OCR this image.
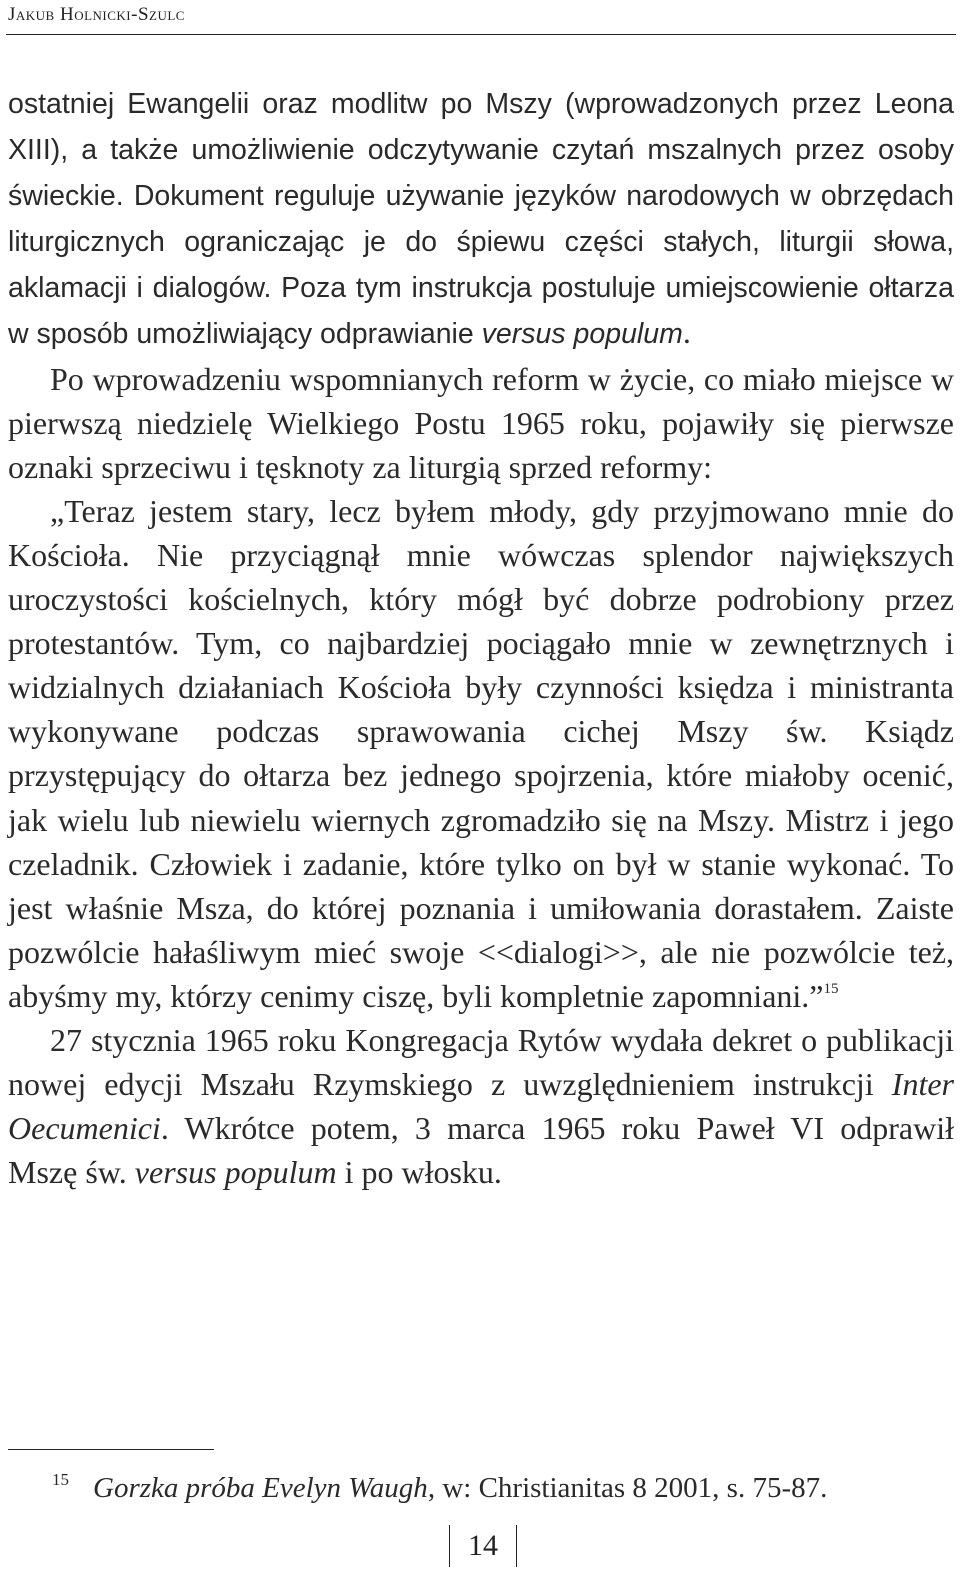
Jakub Holnicki-Szulc

ostatniej Ewangelii oraz modlitw po Mszy (wprowadzonych przez Leona XIII), a także umożliwienie odczytywanie czytań mszalnych przez osoby świeckie. Dokument reguluje używanie języków narodowych w obrzędach liturgicznych ograniczając je do śpiewu części stałych, liturgii słowa, aklamacji i dialogów. Poza tym instrukcja postuluje umiejscowienie ołtarza w sposób umożliwiający odprawianie versus populum.

Po wprowadzeniu wspomnianych reform w życie, co miało miejsce w pierwszą niedzielę Wielkiego Postu 1965 roku, pojawiły się pierwsze oznaki sprzeciwu i tęsknoty za liturgią sprzed reformy:

„Teraz jestem stary, lecz byłem młody, gdy przyjmowano mnie do Kościoła. Nie przyciągnął mnie wówczas splendor największych uroczystości kościelnych, który mógł być dobrze podrobiony przez protestantów. Tym, co najbardziej pociągało mnie w zewnętrznych i widzialnych działaniach Kościoła były czynności księdza i ministranta wykonywane podczas sprawowania cichej Mszy św. Ksiądz przystępujący do ołtarza bez jednego spojrzenia, które miałoby ocenić, jak wielu lub niewielu wiernych zgromadziło się na Mszy. Mistrz i jego czeladnik. Człowiek i zadanie, które tylko on był w stanie wykonać. To jest właśnie Msza, do której poznania i umiłowania dorastałem. Zaiste pozwólcie hałaśliwym mieć swoje <<dialogi>>, ale nie pozwólcie też, abyśmy my, którzy cenimy ciszę, byli kompletnie zapomniani.”$^{15}$

27 stycznia 1965 roku Kongregacja Rytów wydała dekret o publikacji nowej edycji Mszału Rzymskiego z uwzględnieniem instrukcji Inter Oecumenici. Wkrótce potem, 3 marca 1965 roku Paweł VI odprawił Mszę św. versus populum i po włosku.

$^{15}$ Gorzka próba Evelyn Waugh, w: Christianitas 8 2001, s. 75-87.
14
